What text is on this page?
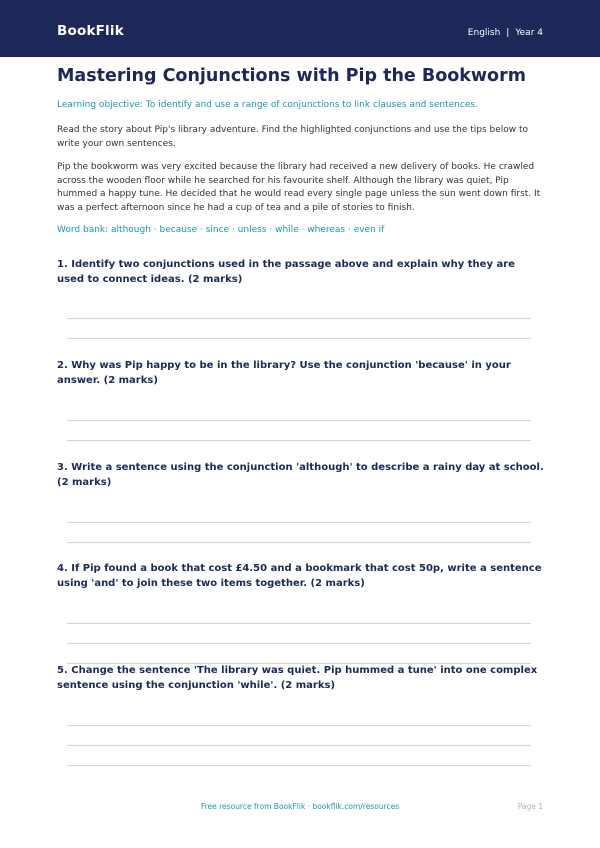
BookFlik	English | Year 4
Mastering Conjunctions with Pip the Bookworm
Learning objective: To identify and use a range of conjunctions to link clauses and sentences.
Read the story about Pip's library adventure. Find the highlighted conjunctions and use the tips below to write your own sentences.
Pip the bookworm was very excited because the library had received a new delivery of books. He crawled across the wooden floor while he searched for his favourite shelf. Although the library was quiet, Pip hummed a happy tune. He decided that he would read every single page unless the sun went down first. It was a perfect afternoon since he had a cup of tea and a pile of stories to finish.
Word bank: although · because · since · unless · while · whereas · even if
1. Identify two conjunctions used in the passage above and explain why they are used to connect ideas. (2 marks)
2. Why was Pip happy to be in the library? Use the conjunction 'because' in your answer. (2 marks)
3. Write a sentence using the conjunction 'although' to describe a rainy day at school. (2 marks)
4. If Pip found a book that cost £4.50 and a bookmark that cost 50p, write a sentence using 'and' to join these two items together. (2 marks)
5. Change the sentence 'The library was quiet. Pip hummed a tune' into one complex sentence using the conjunction 'while'. (2 marks)
Free resource from BookFlik · bookflik.com/resources	Page 1
